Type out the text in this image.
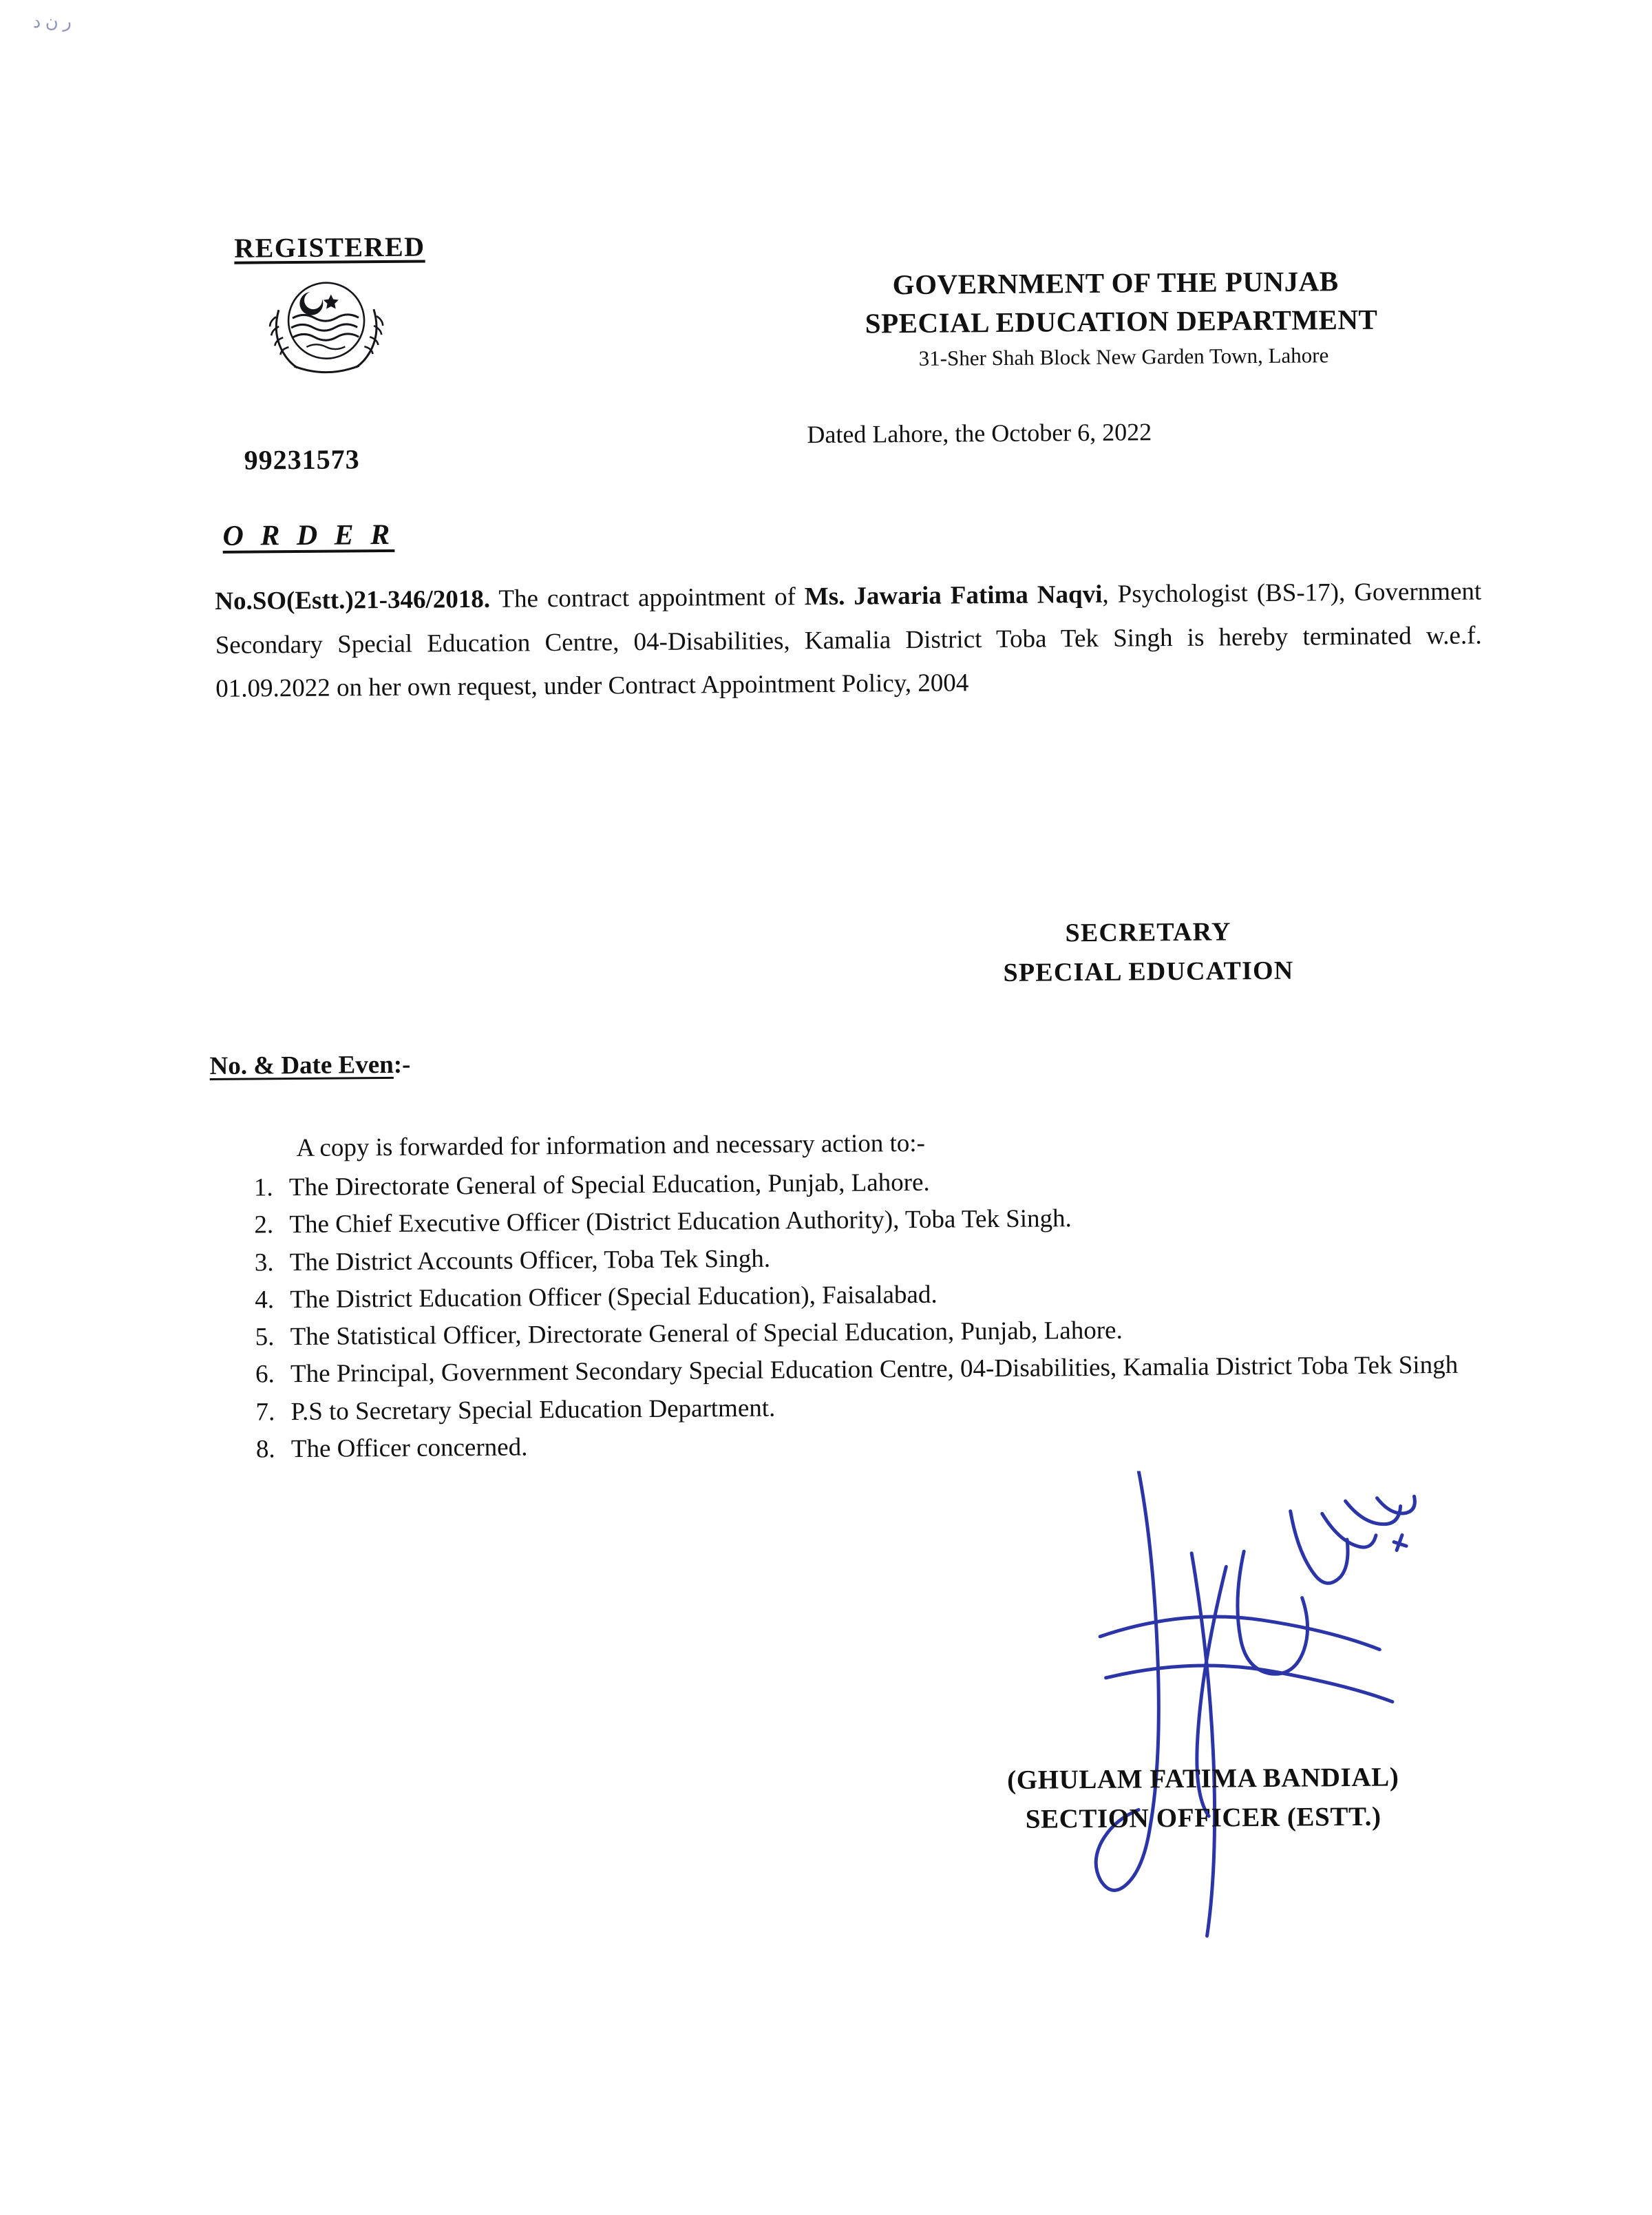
ر ن د
REGISTERED
99231573
GOVERNMENT OF THE PUNJAB
SPECIAL EDUCATION DEPARTMENT
31-Sher Shah Block New Garden Town, Lahore
Dated Lahore, the October 6, 2022
O R D E R
No.SO(Estt.)21-346/2018. The contract appointment of Ms. Jawaria Fatima Naqvi, Psychologist (BS-17), Government Secondary Special Education Centre, 04-Disabilities, Kamalia District Toba Tek Singh is hereby terminated w.e.f. 01.09.2022 on her own request, under Contract Appointment Policy, 2004
SECRETARY
SPECIAL EDUCATION
No. & Date Even:-
A copy is forwarded for information and necessary action to:-
1. The Directorate General of Special Education, Punjab, Lahore.
2. The Chief Executive Officer (District Education Authority), Toba Tek Singh.
3. The District Accounts Officer, Toba Tek Singh.
4. The District Education Officer (Special Education), Faisalabad.
5. The Statistical Officer, Directorate General of Special Education, Punjab, Lahore.
6. The Principal, Government Secondary Special Education Centre, 04-Disabilities, Kamalia District Toba Tek Singh
7. P.S to Secretary Special Education Department.
8. The Officer concerned.
(GHULAM FATIMA BANDIAL)
SECTION OFFICER (ESTT.)
